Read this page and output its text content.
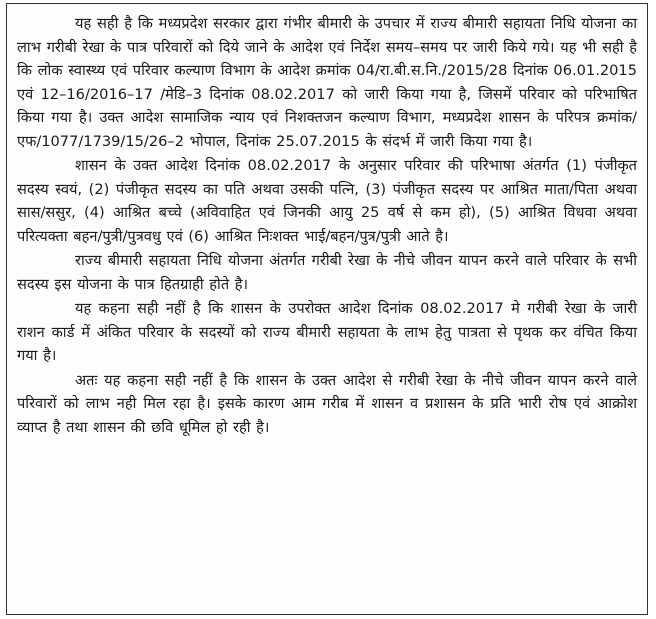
यह सही है कि मध्यप्रदेश सरकार द्वारा गंभीर बीमारी के उपचार में राज्य बीमारी सहायता निधि योजना का लाभ गरीबी रेखा के पात्र परिवारों को दिये जाने के आदेश एवं निर्देश समय–समय पर जारी किये गये। यह भी सही है कि लोक स्वास्थ्य एवं परिवार कल्याण विभाग के आदेश क्रमांक 04/रा.बी.स.नि./2015/28 दिनांक 06.01.2015 एवं 12–16/2016–17 /मेडि–3 दिनांक 08.02.2017 को जारी किया गया है, जिसमें परिवार को परिभाषित किया गया है। उक्त आदेश सामाजिक न्याय एवं निशक्तजन कल्याण विभाग, मध्यप्रदेश शासन के परिपत्र क्रमांक/एफ/1077/1739/15/26–2 भोपाल, दिनांक 25.07.2015 के संदर्भ में जारी किया गया है।

शासन के उक्त आदेश दिनांक 08.02.2017 के अनुसार परिवार की परिभाषा अंतर्गत (1) पंजीकृत सदस्य स्वयं, (2) पंजीकृत सदस्य का पति अथवा उसकी पत्नि, (3) पंजीकृत सदस्य पर आश्रित माता/पिता अथवा सास/ससुर, (4) आश्रित बच्चे (अविवाहित एवं जिनकी आयु 25 वर्ष से कम हो), (5) आश्रित विधवा अथवा परित्यक्ता बहन/पुत्री/पुत्रवधु एवं (6) आश्रित निःशक्त भाई/बहन/पुत्र/पुत्री आते है।

राज्य बीमारी सहायता निधि योजना अंतर्गत गरीबी रेखा के नीचे जीवन यापन करने वाले परिवार के सभी सदस्य इस योजना के पात्र हितग्राही होते है।

यह कहना सही नहीं है कि शासन के उपरोक्त आदेश दिनांक 08.02.2017 मे गरीबी रेखा के जारी राशन कार्ड में अंकित परिवार के सदस्यों को राज्य बीमारी सहायता के लाभ हेतु पात्रता से पृथक कर वंचित किया गया है।

अतः यह कहना सही नहीं है कि शासन के उक्त आदेश से गरीबी रेखा के नीचे जीवन यापन करने वाले परिवारों को लाभ नही मिल रहा है। इसके कारण आम गरीब में शासन व प्रशासन के प्रति भारी रोष एवं आक्रोश व्याप्त है तथा शासन की छवि धूमिल हो रही है।
